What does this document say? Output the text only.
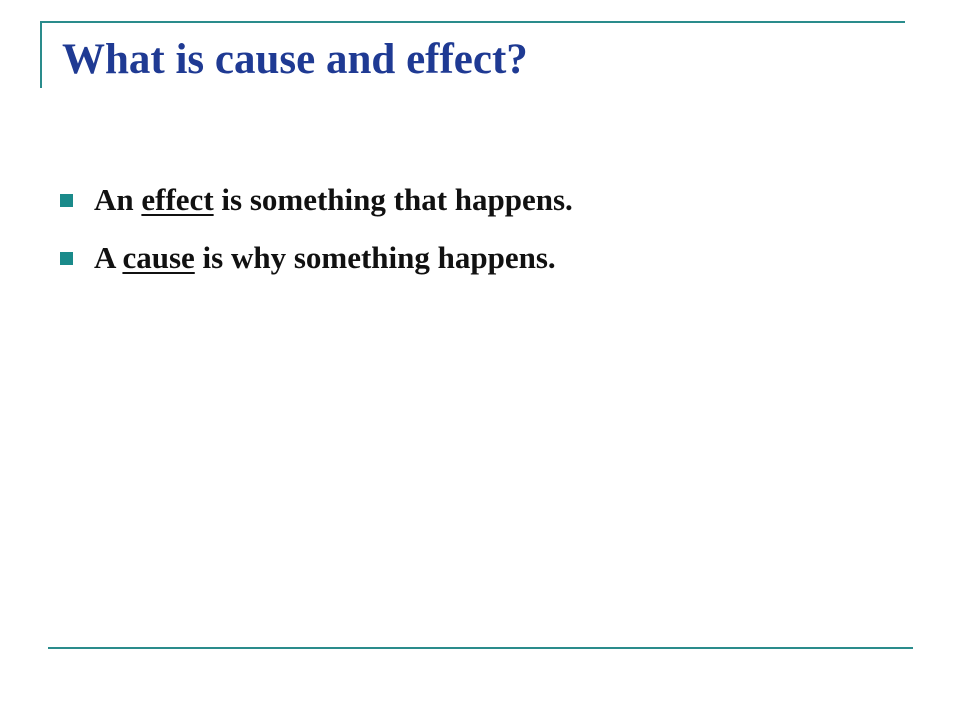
What is cause and effect?
An effect is something that happens.
A cause is why something happens.
